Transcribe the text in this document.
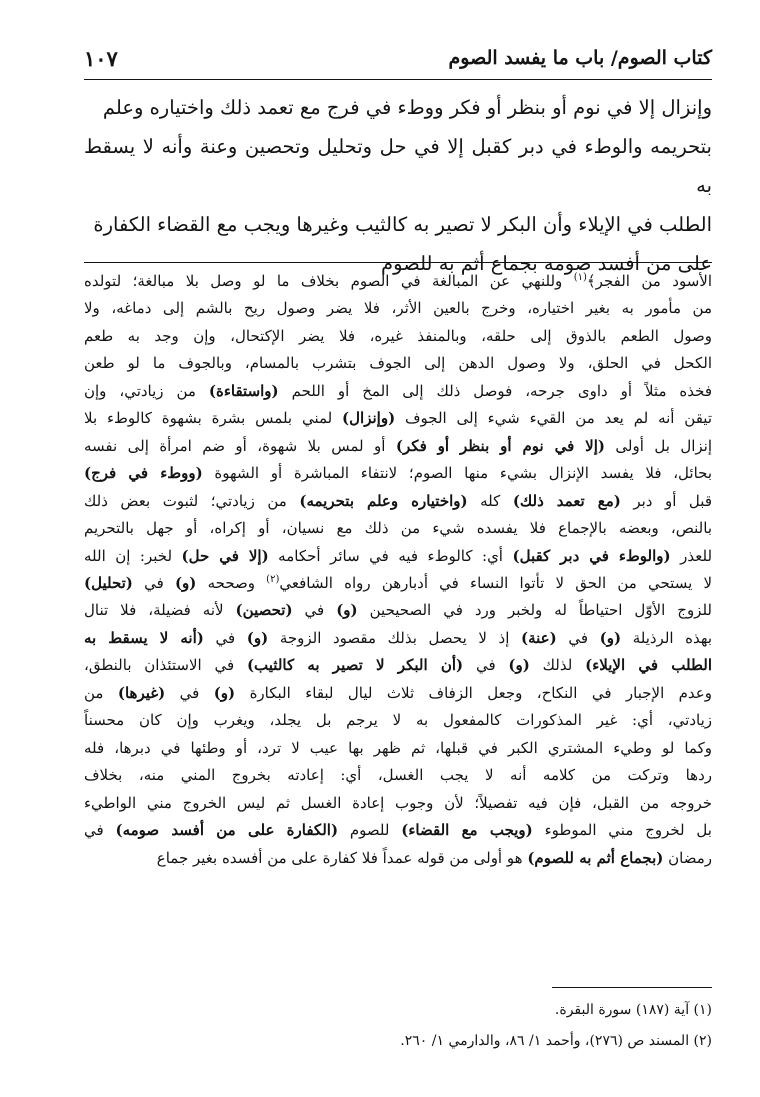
كتاب الصوم/ باب ما يفسد الصوم
١٠٧
وإنزال إلا في نوم أو بنظر أو فكر ووطء في فرج مع تعمد ذلك واختياره وعلم
بتحريمه والوطء في دبر كقبل إلا في حل وتحليل وتحصين وعنة وأنه لا يسقط به
الطلب في الإيلاء وأن البكر لا تصير به كالثيب وغيرها ويجب مع القضاء الكفارة
على من أفسد صومه بجماع أثم به للصوم
الأسود من الفجر﴾$^{(١)}$ وللنهي عن المبالغة في الصوم بخلاف ما لو وصل بلا مبالغة؛ لتولده
من مأمور به بغير اختياره، وخرج بالعين الأثر، فلا يضر وصول ريح بالشم إلى دماغه، ولا
وصول الطعم بالذوق إلى حلقه، وبالمنفذ غيره، فلا يضر الإكتحال، وإن وجد به طعم
الكحل في الحلق، ولا وصول الدهن إلى الجوف بتشرب بالمسام، وبالجوف ما لو طعن
فخذه مثلاً أو داوى جرحه، فوصل ذلك إلى المخ أو اللحم (واستقاءة) من زيادتي، وإن
تيقن أنه لم يعد من القيء شيء إلى الجوف (وإنزال) لمني بلمس بشرة بشهوة كالوطء بلا
إنزال بل أولى (إلا في نوم أو بنظر أو فكر) أو لمس بلا شهوة، أو ضم امرأة إلى نفسه
بحائل، فلا يفسد الإنزال بشيء منها الصوم؛ لانتفاء المباشرة أو الشهوة (ووطء في فرج)
قبل أو دبر (مع تعمد ذلك) كله (واختياره وعلم بتحريمه) من زيادتي؛ لثبوت بعض ذلك
بالنص، وبعضه بالإجماع فلا يفسده شيء من ذلك مع نسيان، أو إكراه، أو جهل بالتحريم
للعذر (والوطء في دبر كقبل) أي: كالوطء فيه في سائر أحكامه (إلا في حل) لخبر: إن الله
لا يستحي من الحق لا تأتوا النساء في أدبارهن رواه الشافعي$^{(٢)}$ وصححه (و) في (تحليل)
للزوج الأوّل احتياطاً له ولخبر ورد في الصحيحين (و) في (تحصين) لأنه فضيلة، فلا تنال
بهذه الرذيلة (و) في (عنة) إذ لا يحصل بذلك مقصود الزوجة (و) في (أنه لا يسقط به
الطلب في الإيلاء) لذلك (و) في (أن البكر لا تصير به كالثيب) في الاستئذان بالنطق،
وعدم الإجبار في النكاح، وجعل الزفاف ثلاث ليال لبقاء البكارة (و) في (غيرها) من
زيادتي، أي: غير المذكورات كالمفعول به لا يرجم بل يجلد، ويغرب وإن كان محسناً
وكما لو وطيء المشتري الكبر في قبلها، ثم ظهر بها عيب لا ترد، أو وطئها في دبرها، فله
ردها وتركت من كلامه أنه لا يجب الغسل، أي: إعادته بخروج المني منه، بخلاف
خروجه من القبل، فإن فيه تفصيلاً؛ لأن وجوب إعادة الغسل ثم ليس الخروج مني الواطيء
بل لخروج مني الموطوء (ويجب مع القضاء) للصوم (الكفارة على من أفسد صومه) في
رمضان (بجماع أثم به للصوم) هو أولى من قوله عمداً فلا كفارة على من أفسده بغير جماع
(١) آية (١٨٧) سورة البقرة.
(٢) المسند ص (٢٧٦)، وأحمد ١/ ٨٦، والدارمي ١/ ٢٦٠.
